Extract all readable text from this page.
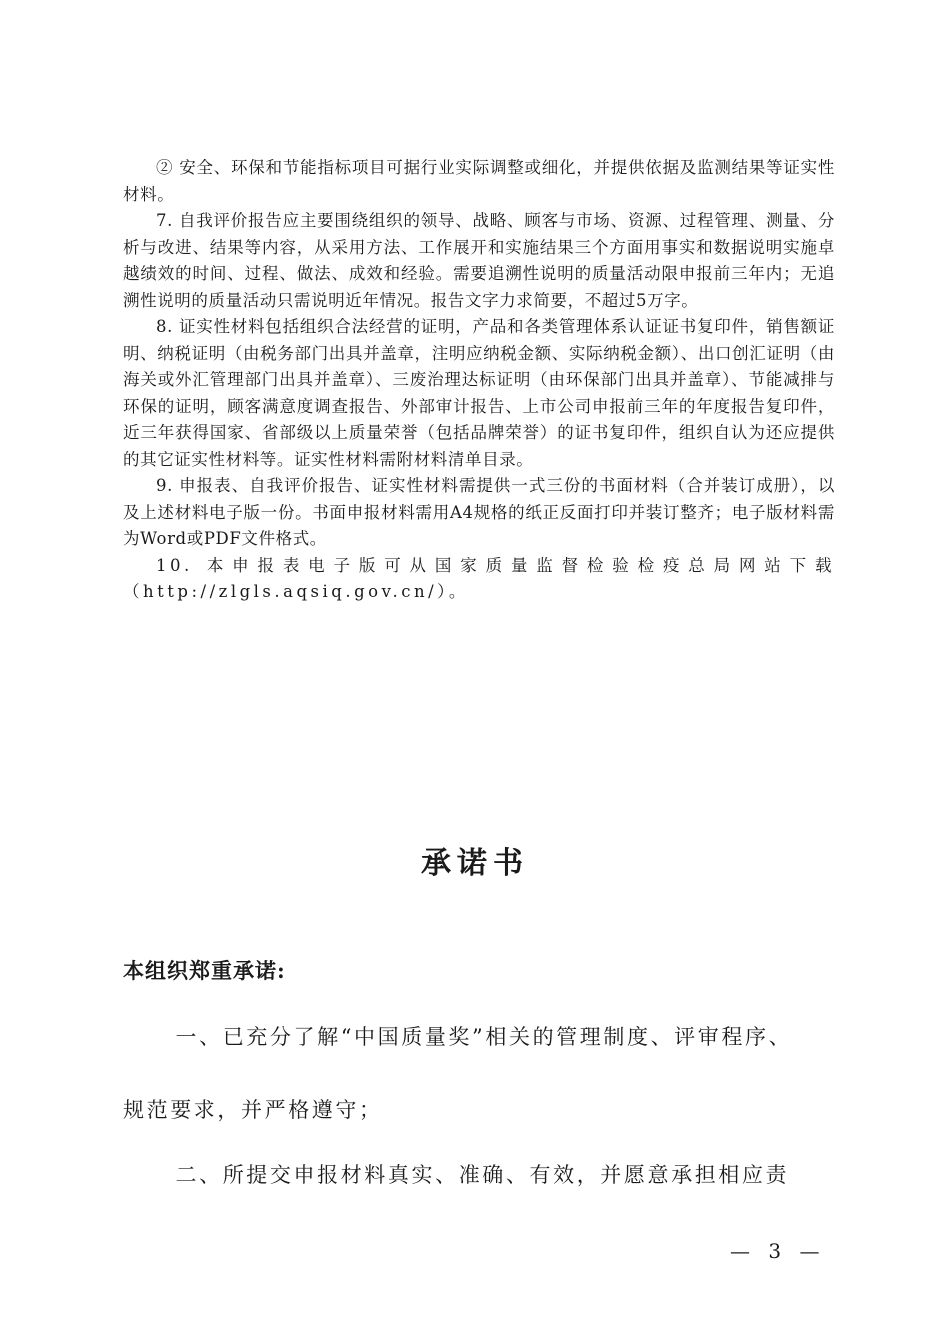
② 安全、环保和节能指标项目可据行业实际调整或细化，并提供依据及监测结果等证实性材料。

7. 自我评价报告应主要围绕组织的领导、战略、顾客与市场、资源、过程管理、测量、分析与改进、结果等内容，从采用方法、工作展开和实施结果三个方面用事实和数据说明实施卓越绩效的时间、过程、做法、成效和经验。需要追溯性说明的质量活动限申报前三年内；无追溯性说明的质量活动只需说明近年情况。报告文字力求简要，不超过5万字。

8. 证实性材料包括组织合法经营的证明，产品和各类管理体系认证证书复印件，销售额证明、纳税证明（由税务部门出具并盖章，注明应纳税金额、实际纳税金额）、出口创汇证明（由海关或外汇管理部门出具并盖章）、三废治理达标证明（由环保部门出具并盖章）、节能减排与环保的证明，顾客满意度调查报告、外部审计报告、上市公司申报前三年的年度报告复印件，近三年获得国家、省部级以上质量荣誉（包括品牌荣誉）的证书复印件，组织自认为还应提供的其它证实性材料等。证实性材料需附材料清单目录。

9. 申报表、自我评价报告、证实性材料需提供一式三份的书面材料（合并装订成册），以及上述材料电子版一份。书面申报材料需用A4规格的纸正反面打印并装订整齐；电子版材料需为Word或PDF文件格式。

10. 本申报表电子版可从国家质量监督检验检疫总局网站下载（http://zlgls.aqsiq.gov.cn/）。

承诺书

本组织郑重承诺:

一、已充分了解“中国质量奖”相关的管理制度、评审程序、

规范要求，并严格遵守；

二、所提交申报材料真实、准确、有效，并愿意承担相应责

— 3 —
